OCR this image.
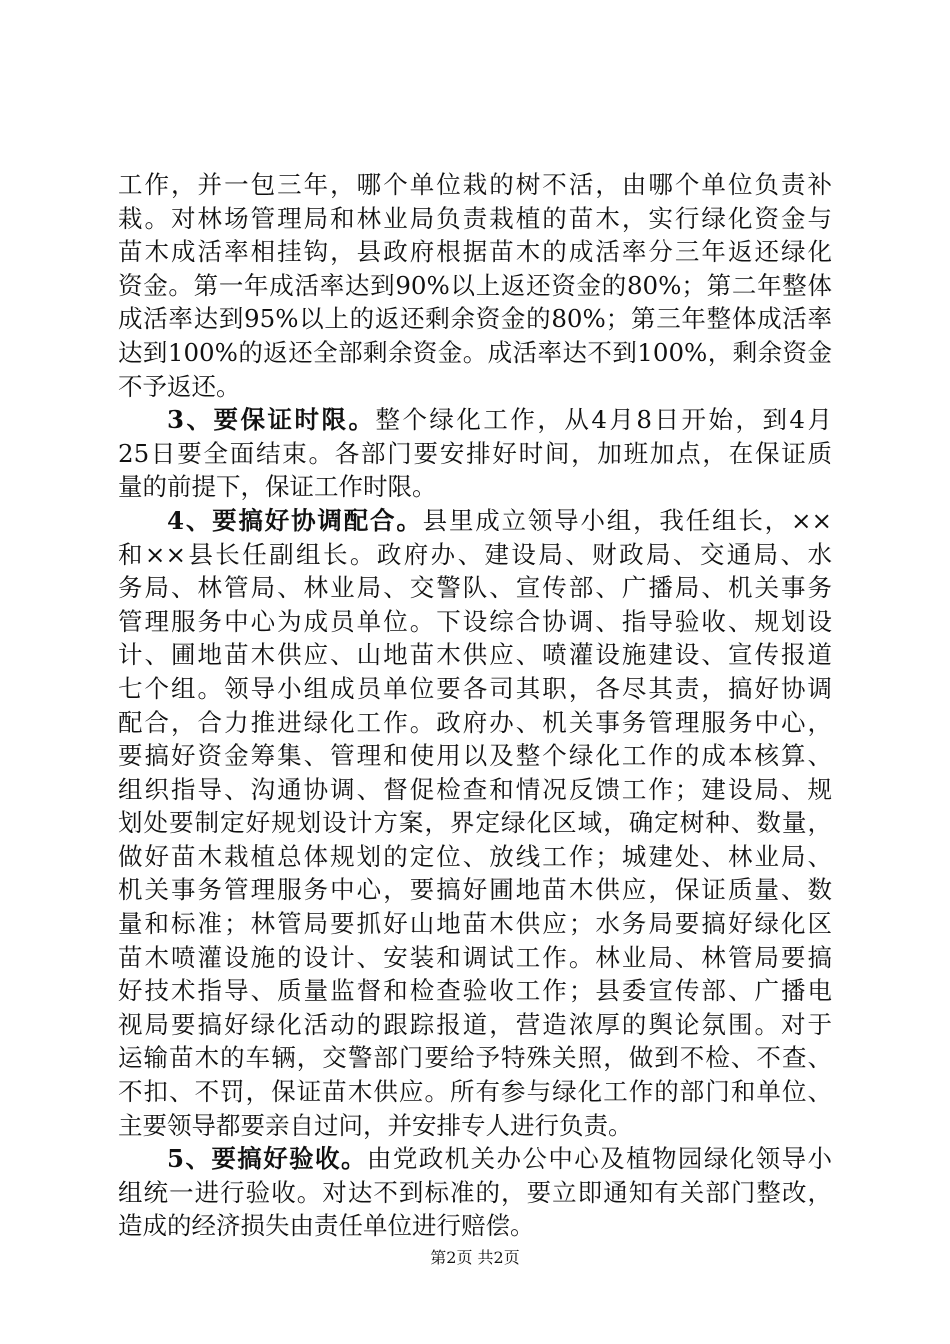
工作，并一包三年，哪个单位栽的树不活，由哪个单位负责补
栽。对林场管理局和林业局负责栽植的苗木，实行绿化资金与
苗木成活率相挂钩，县政府根据苗木的成活率分三年返还绿化
资金。第一年成活率达到90%以上返还资金的80%；第二年整体
成活率达到95%以上的返还剩余资金的80%；第三年整体成活率
达到100%的返还全部剩余资金。成活率达不到100%，剩余资金
不予返还。
3、要保证时限。整个绿化工作，从4月8日开始，到4月
25日要全面结束。各部门要安排好时间，加班加点，在保证质
量的前提下，保证工作时限。
4、要搞好协调配合。县里成立领导小组，我任组长，××
和××县长任副组长。政府办、建设局、财政局、交通局、水
务局、林管局、林业局、交警队、宣传部、广播局、机关事务
管理服务中心为成员单位。下设综合协调、指导验收、规划设
计、圃地苗木供应、山地苗木供应、喷灌设施建设、宣传报道
七个组。领导小组成员单位要各司其职，各尽其责，搞好协调
配合，合力推进绿化工作。政府办、机关事务管理服务中心，
要搞好资金筹集、管理和使用以及整个绿化工作的成本核算、
组织指导、沟通协调、督促检查和情况反馈工作；建设局、规
划处要制定好规划设计方案，界定绿化区域，确定树种、数量，
做好苗木栽植总体规划的定位、放线工作；城建处、林业局、
机关事务管理服务中心，要搞好圃地苗木供应，保证质量、数
量和标准；林管局要抓好山地苗木供应；水务局要搞好绿化区
苗木喷灌设施的设计、安装和调试工作。林业局、林管局要搞
好技术指导、质量监督和检查验收工作；县委宣传部、广播电
视局要搞好绿化活动的跟踪报道，营造浓厚的舆论氛围。对于
运输苗木的车辆，交警部门要给予特殊关照，做到不检、不查、
不扣、不罚，保证苗木供应。所有参与绿化工作的部门和单位、
主要领导都要亲自过问，并安排专人进行负责。
5、要搞好验收。由党政机关办公中心及植物园绿化领导小
组统一进行验收。对达不到标准的，要立即通知有关部门整改，
造成的经济损失由责任单位进行赔偿。
第2页 共2页
